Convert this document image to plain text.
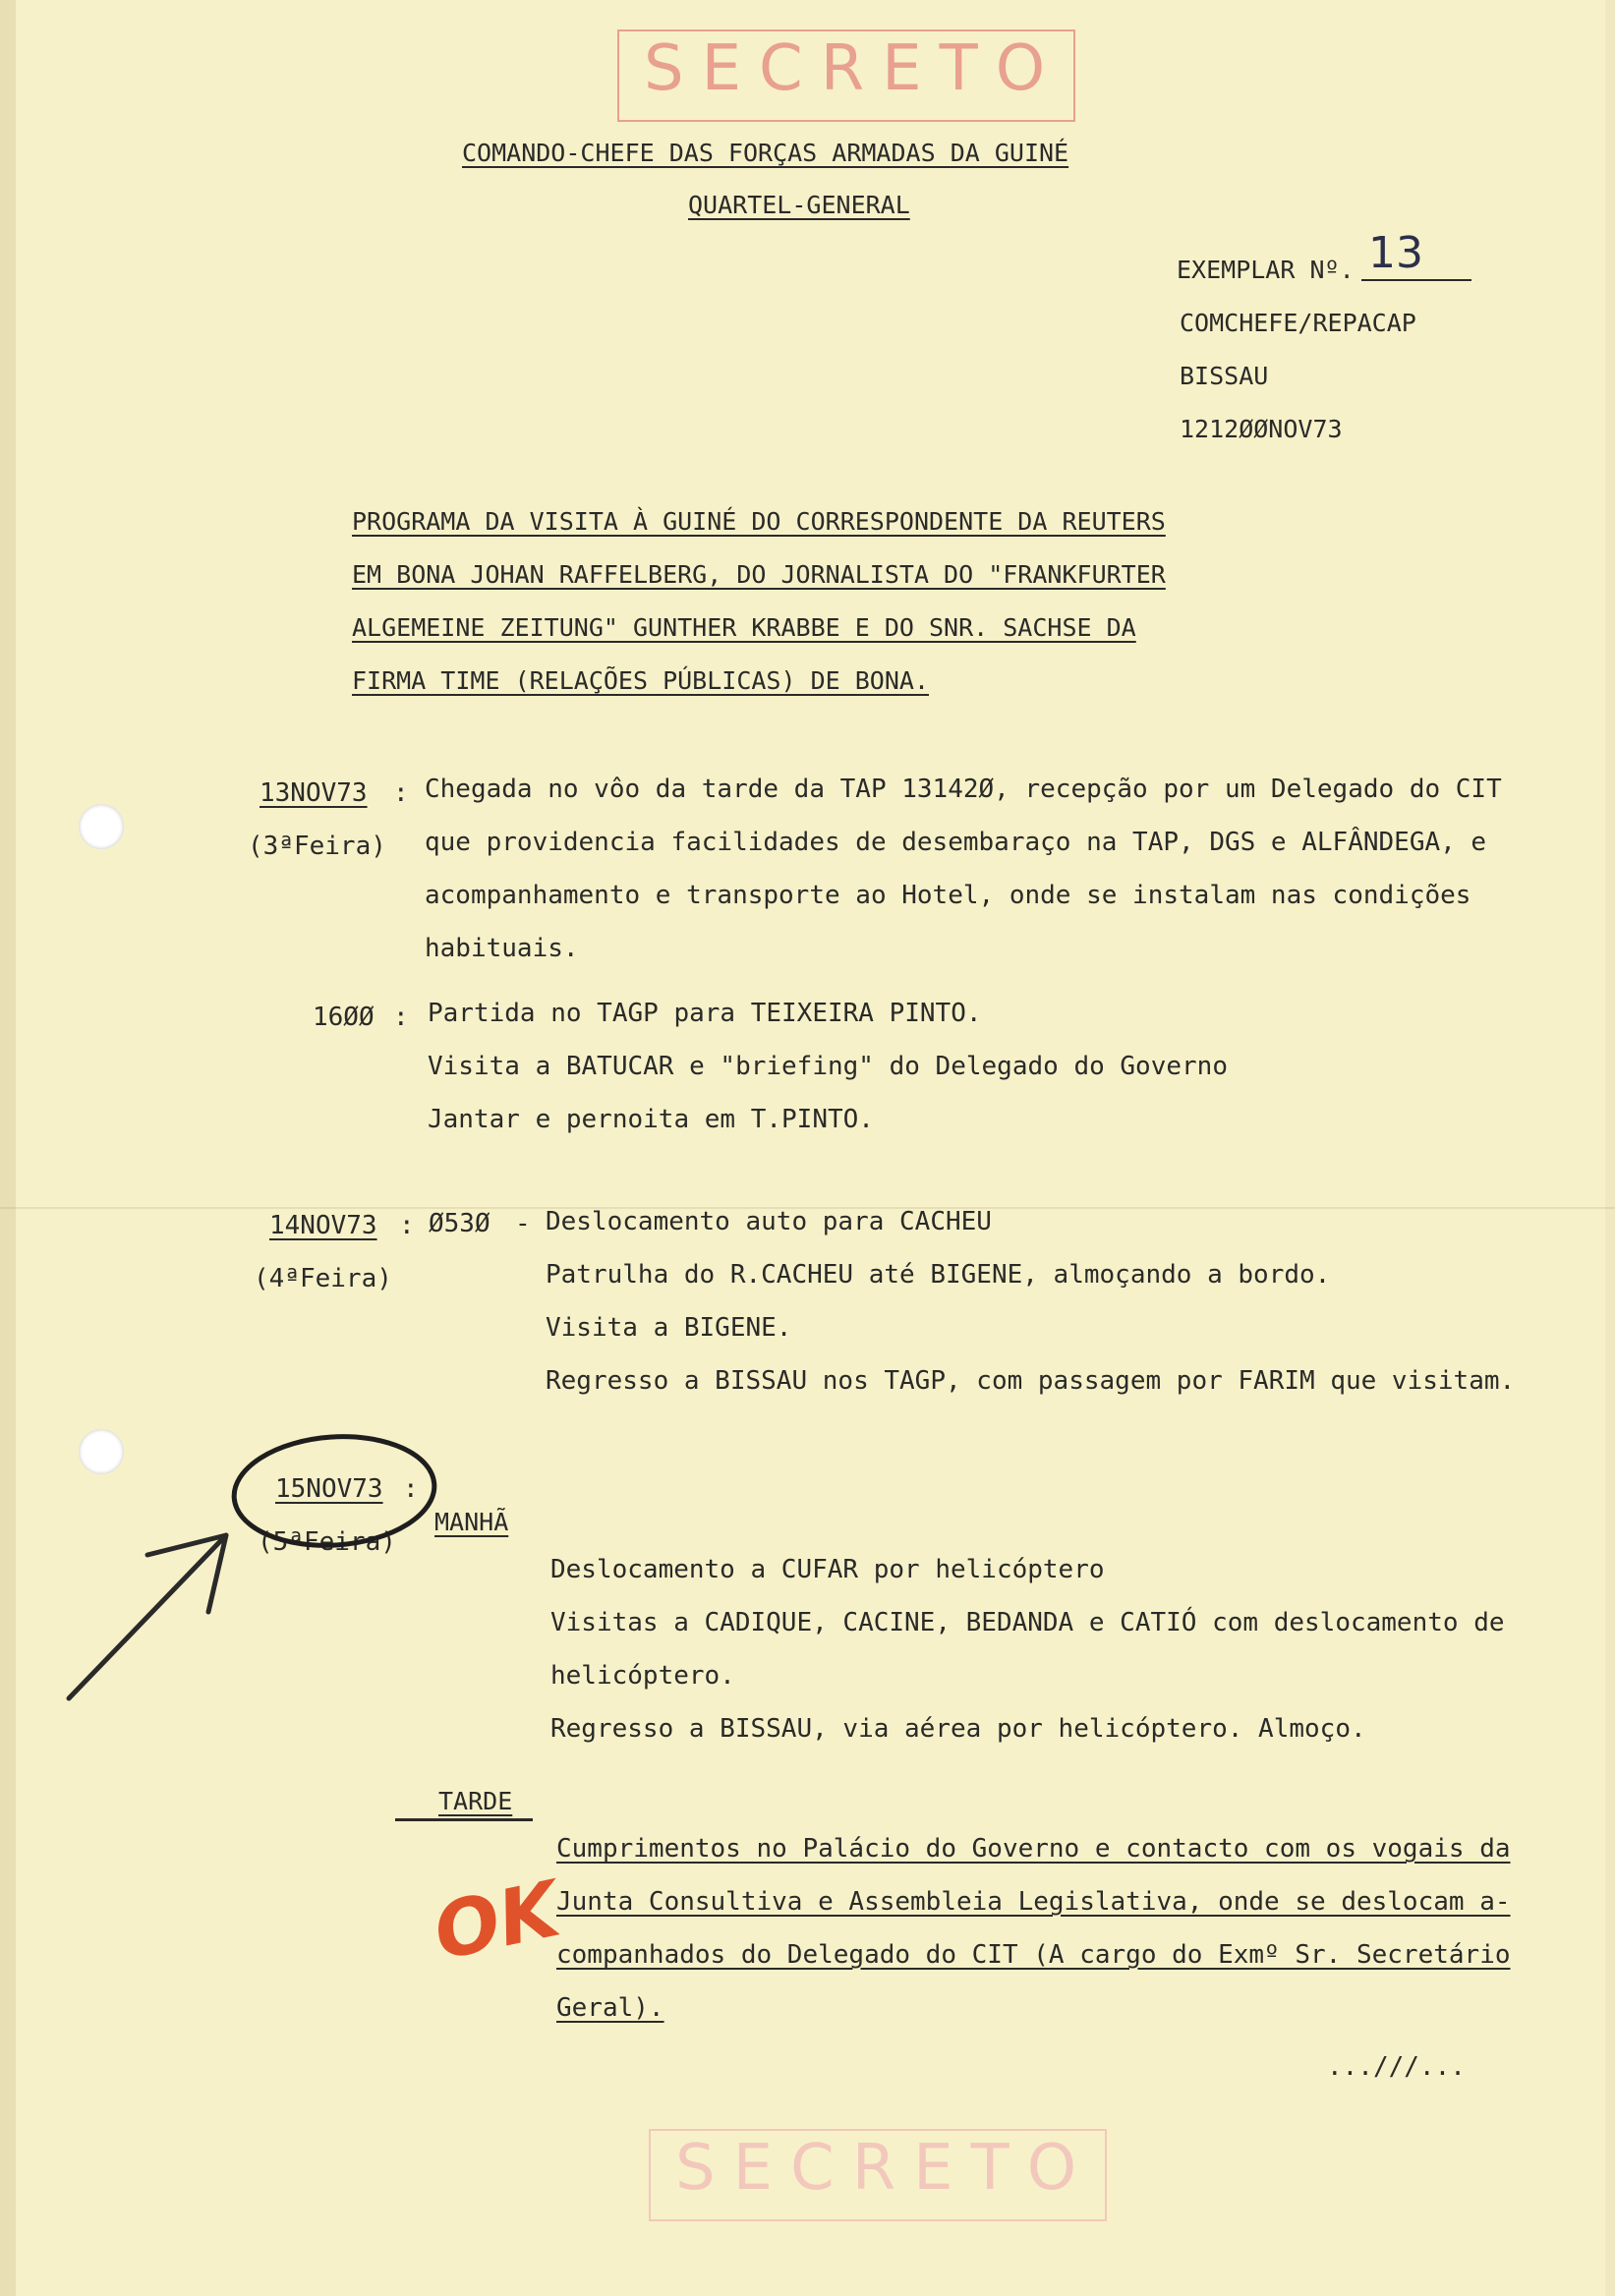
SECRETO
SECRETO
COMANDO-CHEFE DAS FORÇAS ARMADAS DA GUINÉ
QUARTEL-GENERAL
EXEMPLAR Nº. 13
COMCHEFE/REPACAP
BISSAU
1212ØØNOV73
PROGRAMA DA VISITA À GUINÉ DO CORRESPONDENTE DA REUTERS
EM BONA JOHAN RAFFELBERG, DO JORNALISTA DO "FRANKFURTER
ALGEMEINE ZEITUNG" GUNTHER KRABBE E DO SNR. SACHSE DA
FIRMA TIME (RELAÇÕES PÚBLICAS) DE BONA.
13NOV73 :
(3ªFeira)
Chegada no vôo da tarde da TAP 13142Ø, recepção por um Delegado do CIT
que providencia facilidades de desembaraço na TAP, DGS e ALFÂNDEGA, e
acompanhamento e transporte ao Hotel, onde se instalam nas condições
habituais.
16ØØ : Partida no TAGP para TEIXEIRA PINTO.
Visita a BATUCAR e "briefing" do Delegado do Governo
Jantar e pernoita em T.PINTO.
14NOV73 : Ø53Ø -
(4ªFeira)
Deslocamento auto para CACHEU
Patrulha do R.CACHEU até BIGENE, almoçando a bordo.
Visita a BIGENE.
Regresso a BISSAU nos TAGP, com passagem por FARIM que visitam.
15NOV73 :
(5ªFeira)
MANHÃ
Deslocamento a CUFAR por helicóptero
Visitas a CADIQUE, CACINE, BEDANDA e CATIÓ com deslocamento de
helicóptero.
Regresso a BISSAU, via aérea por helicóptero. Almoço.
TARDE
Cumprimentos no Palácio do Governo e contacto com os vogais da
Junta Consultiva e Assembleia Legislativa, onde se deslocam a-
companhados do Delegado do CIT (A cargo do Exmº Sr. Secretário
Geral).
...///...
OK
